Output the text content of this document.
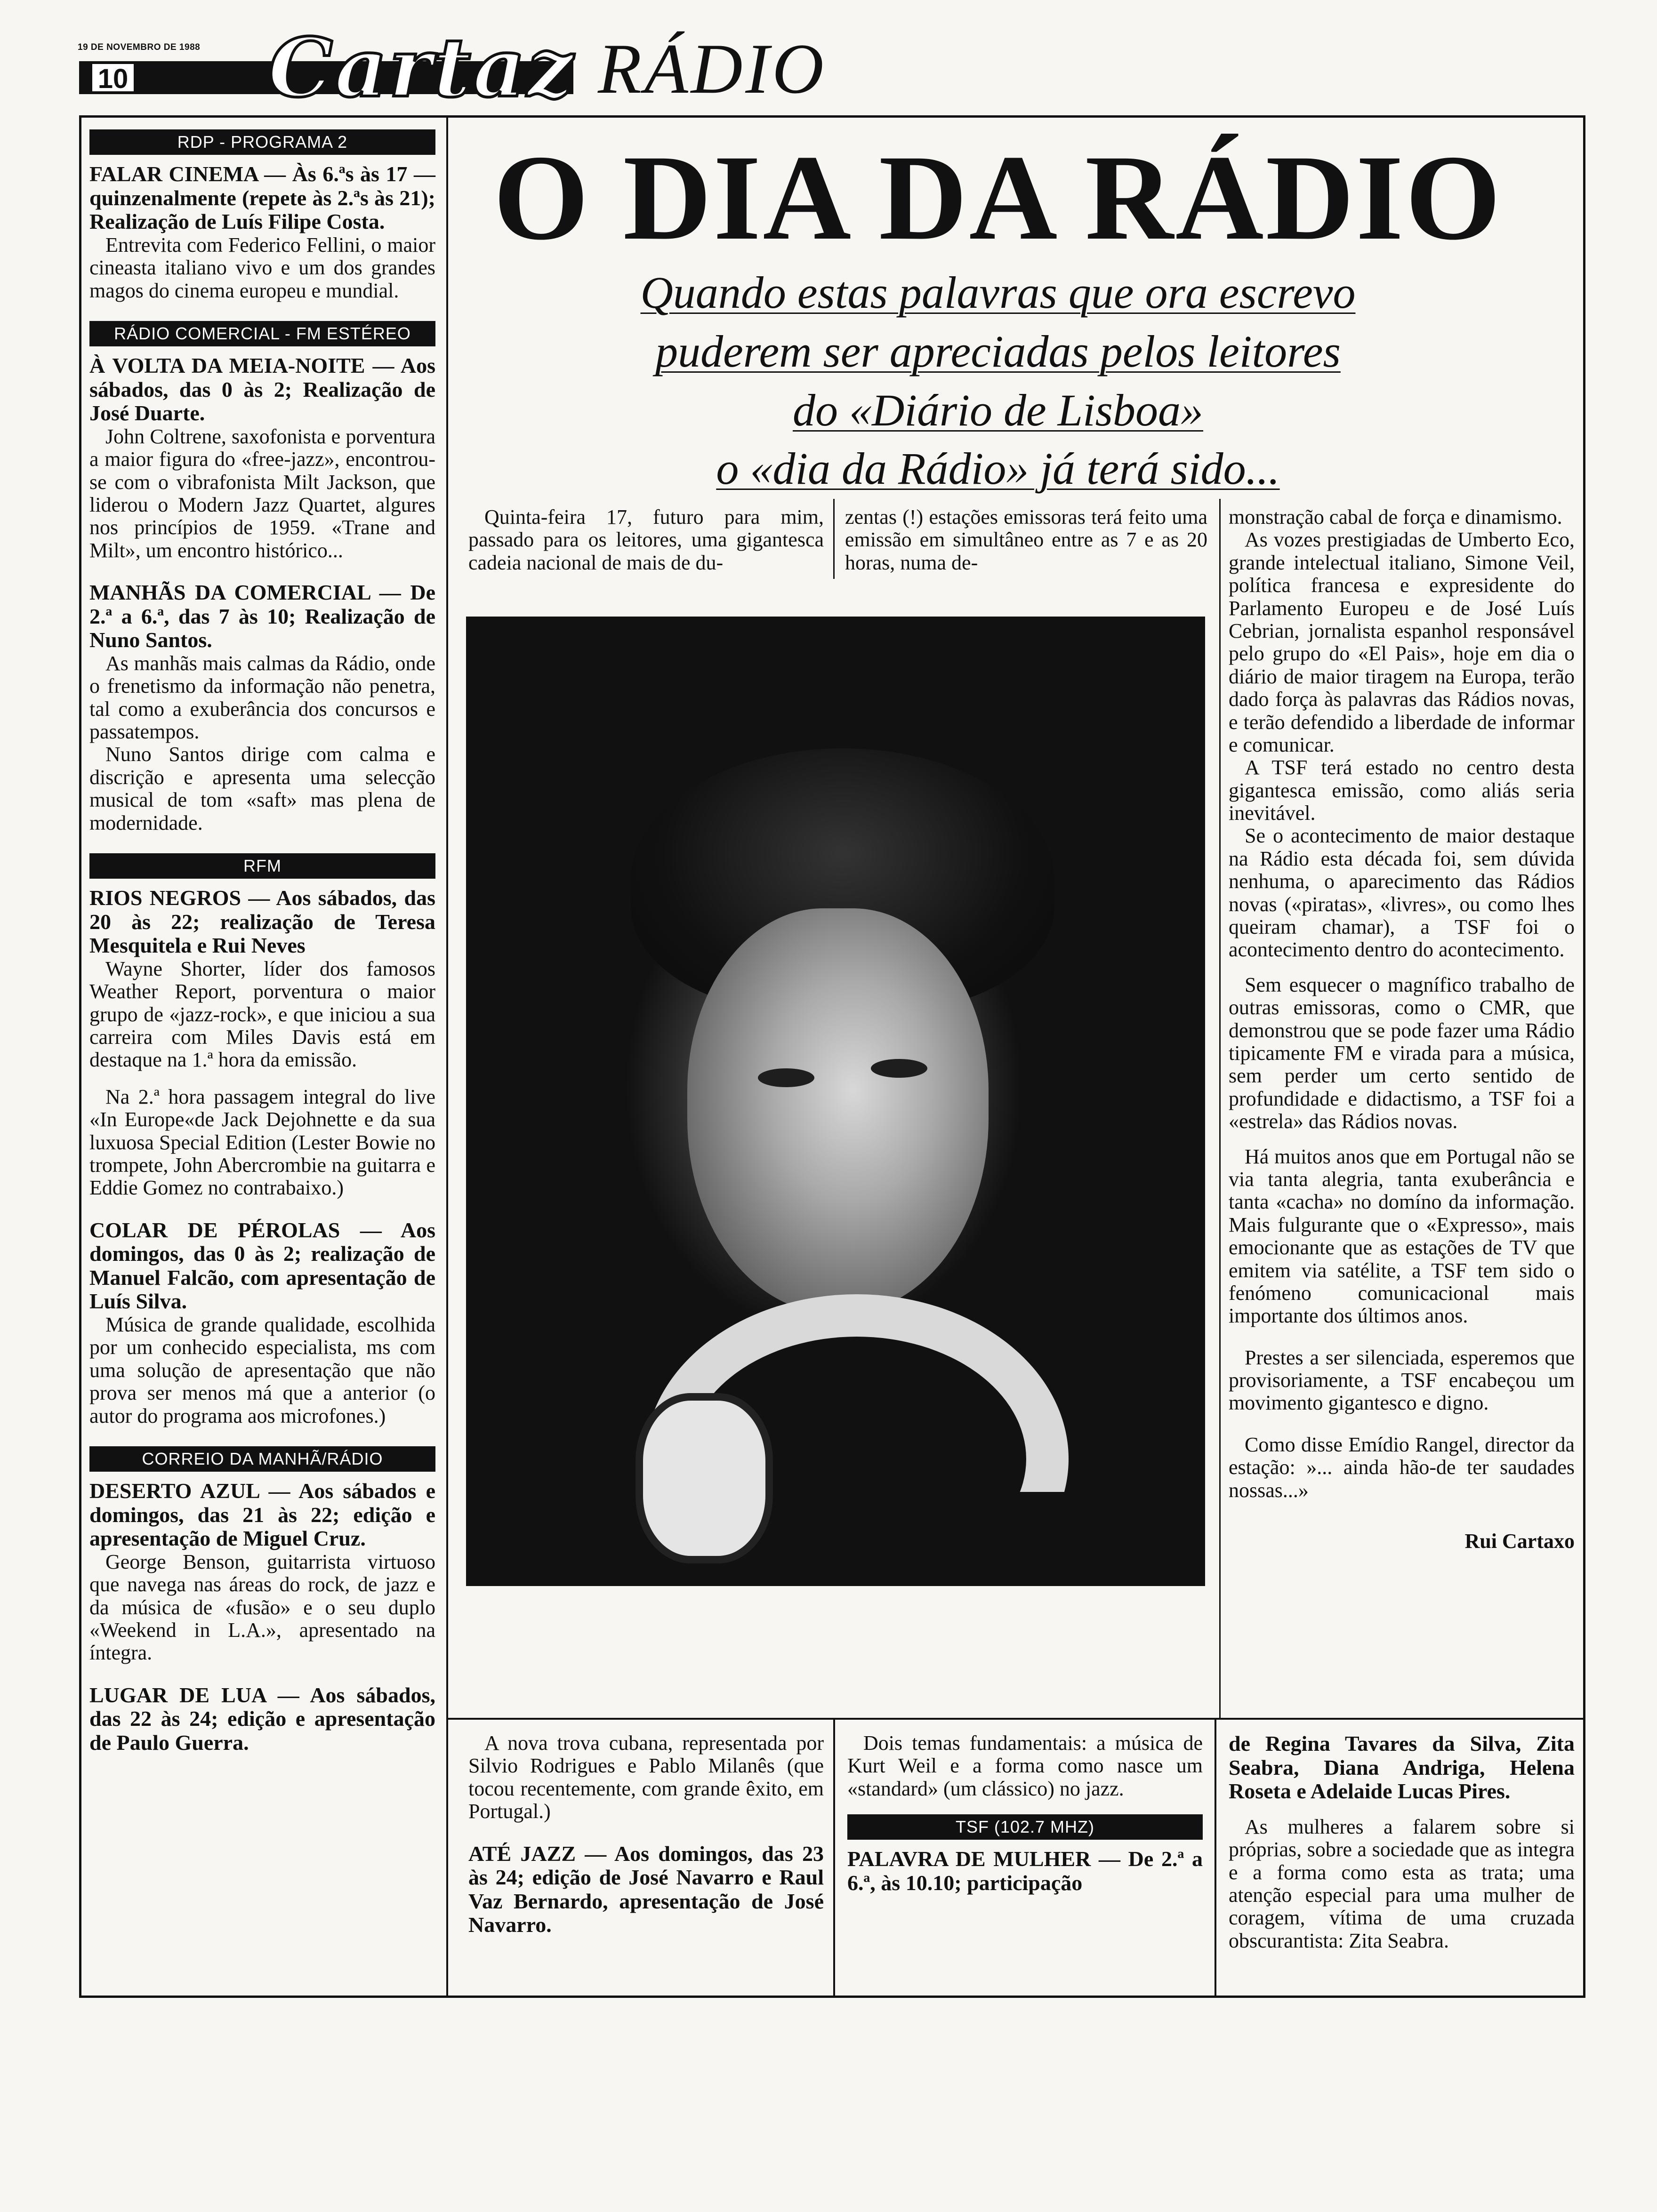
19 DE NOVEMBRO DE 1988
10 Cartaz RÁDIO
RDP - PROGRAMA 2

FALAR CINEMA — Às 6.ªs às 17 — quinzenalmente (repete às 2.ªs às 21); Realização de Luís Filipe Costa.

Entrevita com Federico Fellini, o maior cineasta italiano vivo e um dos grandes magos do cinema europeu e mundial.

RÁDIO COMERCIAL - FM ESTÉREO

À VOLTA DA MEIA-NOITE — Aos sábados, das 0 às 2; Realização de José Duarte.

John Coltrene, saxofonista e porventura a maior figura do «free-jazz», encontrou-se com o vibrafonista Milt Jackson, que liderou o Modern Jazz Quartet, algures nos princípios de 1959. «Trane and Milt», um encontro histórico...

MANHÃS DA COMERCIAL — De 2.ª a 6.ª, das 7 às 10; Realização de Nuno Santos.

As manhãs mais calmas da Rádio, onde o frenetismo da informação não penetra, tal como a exuberância dos concursos e passatempos.

Nuno Santos dirige com calma e discrição e apresenta uma selecção musical de tom «saft» mas plena de modernidade.

RFM

RIOS NEGROS — Aos sábados, das 20 às 22; realização de Teresa Mesquitela e Rui Neves

Wayne Shorter, líder dos famosos Weather Report, porventura o maior grupo de «jazz-rock», e que iniciou a sua carreira com Miles Davis está em destaque na 1.ª hora da emissão.

Na 2.ª hora passagem integral do live «In Europe«de Jack Dejohnette e da sua luxuosa Special Edition (Lester Bowie no trompete, John Abercrombie na guitarra e Eddie Gomez no contrabaixo.)

COLAR DE PÉROLAS — Aos domingos, das 0 às 2; realização de Manuel Falcão, com apresentação de Luís Silva.

Música de grande qualidade, escolhida por um conhecido especialista, ms com uma solução de apresentação que não prova ser menos má que a anterior (o autor do programa aos microfones.)

CORREIO DA MANHÃ/RÁDIO

DESERTO AZUL — Aos sábados e domingos, das 21 às 22; edição e apresentação de Miguel Cruz.

George Benson, guitarrista virtuoso que navega nas áreas do rock, de jazz e da música de «fusão» e o seu duplo «Weekend in L.A.», apresentado na íntegra.

LUGAR DE LUA — Aos sábados, das 22 às 24; edição e apresentação de Paulo Guerra.

O DIA DA RÁDIO
Quando estas palavras que ora escrevo
puderem ser apreciadas pelos leitores
do «Diário de Lisboa»
o «dia da Rádio» já terá sido...

Quinta-feira 17, futuro para mim, passado para os leitores, uma gigantesca cadeia nacional de mais de du-

zentas (!) estações emissoras terá feito uma emissão em simultâneo entre as 7 e as 20 horas, numa de-

monstração cabal de força e dinamismo.

As vozes prestigiadas de Umberto Eco, grande intelectual italiano, Simone Veil, política francesa e expresidente do Parlamento Europeu e de José Luís Cebrian, jornalista espanhol responsável pelo grupo do «El Pais», hoje em dia o diário de maior tiragem na Europa, terão dado força às palavras das Rádios novas, e terão defendido a liberdade de informar e comunicar.

A TSF terá estado no centro desta gigantesca emissão, como aliás seria inevitável.

Se o acontecimento de maior destaque na Rádio esta década foi, sem dúvida nenhuma, o aparecimento das Rádios novas («piratas», «livres», ou como lhes queiram chamar), a TSF foi o acontecimento dentro do acontecimento.

Sem esquecer o magnífico trabalho de outras emissoras, como o CMR, que demonstrou que se pode fazer uma Rádio tipicamente FM e virada para a música, sem perder um certo sentido de profundidade e didactismo, a TSF foi a «estrela» das Rádios novas.

Há muitos anos que em Portugal não se via tanta alegria, tanta exuberância e tanta «cacha» no domíno da informação. Mais fulgurante que o «Expresso», mais emocionante que as estações de TV que emitem via satélite, a TSF tem sido o fenómeno comunicacional mais importante dos últimos anos.

Prestes a ser silenciada, esperemos que provisoriamente, a TSF encabeçou um movimento gigantesco e digno.

Como disse Emídio Rangel, director da estação: »... ainda hão-de ter saudades nossas...»

Rui Cartaxo

A nova trova cubana, representada por Silvio Rodrigues e Pablo Milanês (que tocou recentemente, com grande êxito, em Portugal.)

ATÉ JAZZ — Aos domingos, das 23 às 24; edição de José Navarro e Raul Vaz Bernardo, apresentação de José Navarro.

Dois temas fundamentais: a música de Kurt Weil e a forma como nasce um «standard» (um clássico) no jazz.

TSF (102.7 MHZ)

PALAVRA DE MULHER — De 2.ª a 6.ª, às 10.10; participação

de Regina Tavares da Silva, Zita Seabra, Diana Andriga, Helena Roseta e Adelaide Lucas Pires.

As mulheres a falarem sobre si próprias, sobre a sociedade que as integra e a forma como esta as trata; uma atenção especial para uma mulher de coragem, vítima de uma cruzada obscurantista: Zita Seabra.
